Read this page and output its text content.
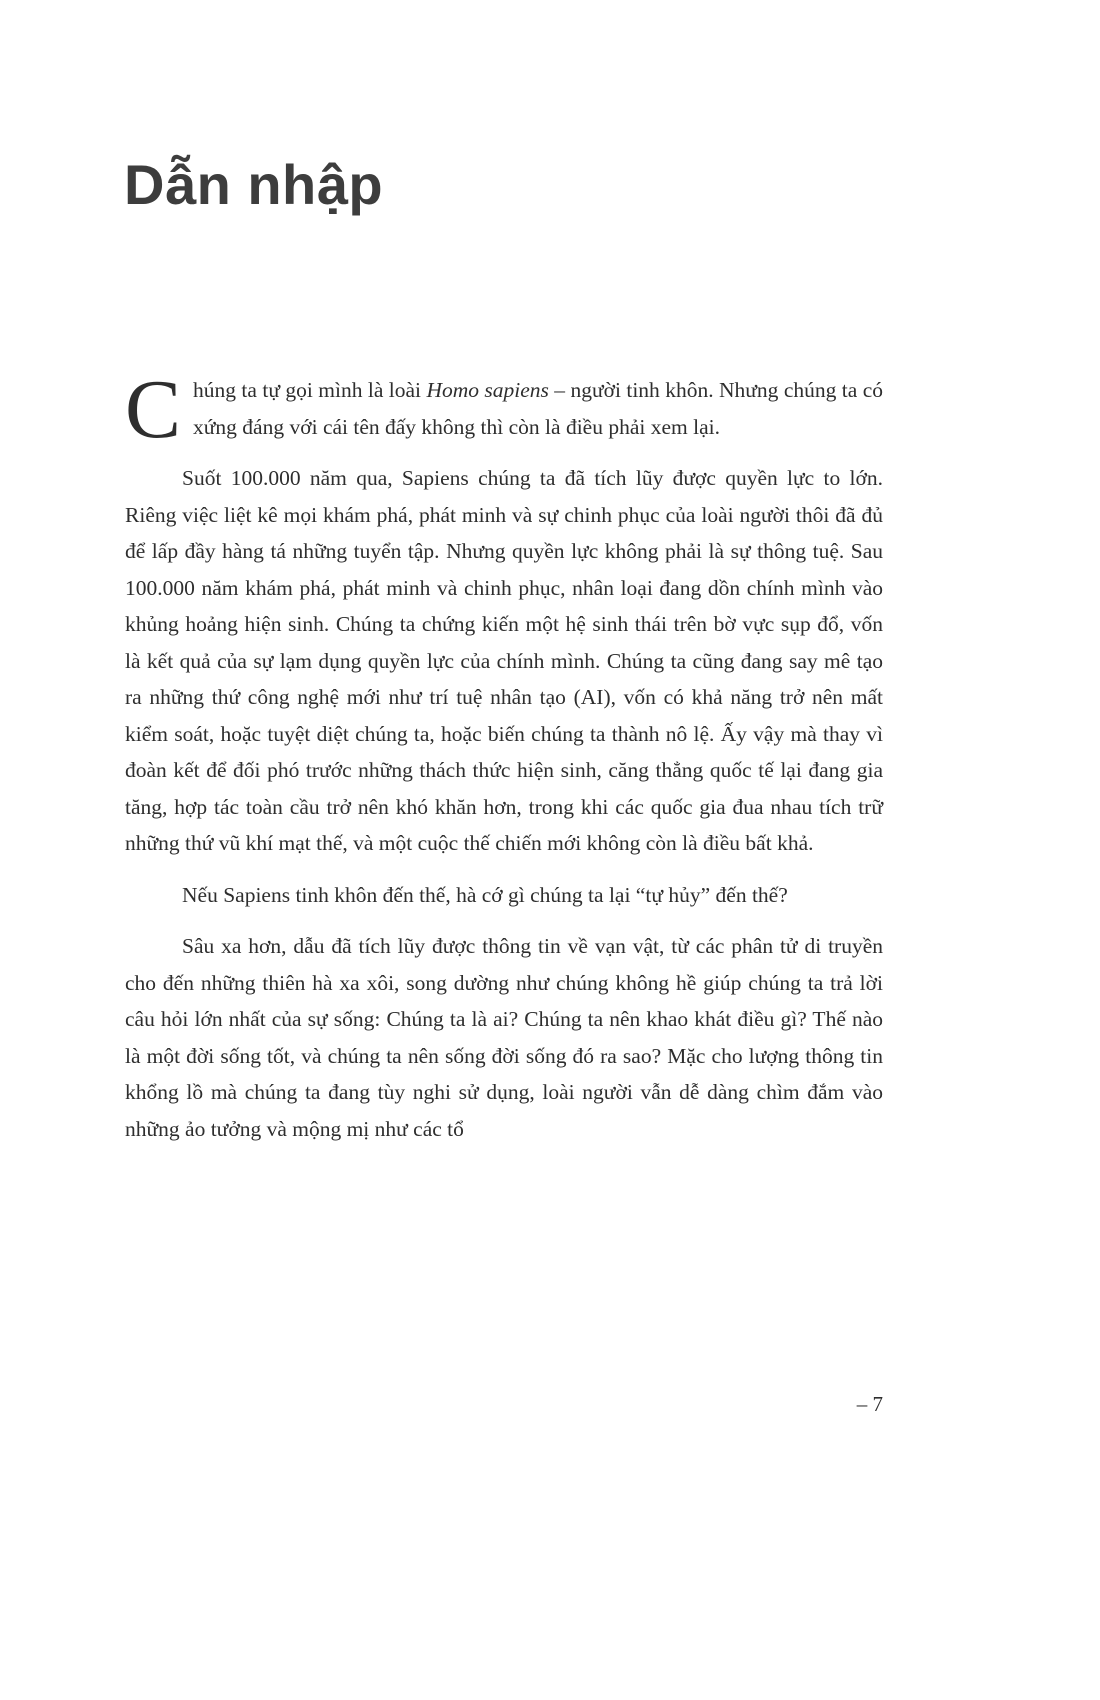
Dẫn nhập

Chúng ta tự gọi mình là loài Homo sapiens – người tinh khôn. Nhưng chúng ta có xứng đáng với cái tên đấy không thì còn là điều phải xem lại.

Suốt 100.000 năm qua, Sapiens chúng ta đã tích lũy được quyền lực to lớn. Riêng việc liệt kê mọi khám phá, phát minh và sự chinh phục của loài người thôi đã đủ để lấp đầy hàng tá những tuyển tập. Nhưng quyền lực không phải là sự thông tuệ. Sau 100.000 năm khám phá, phát minh và chinh phục, nhân loại đang dồn chính mình vào khủng hoảng hiện sinh. Chúng ta chứng kiến một hệ sinh thái trên bờ vực sụp đổ, vốn là kết quả của sự lạm dụng quyền lực của chính mình. Chúng ta cũng đang say mê tạo ra những thứ công nghệ mới như trí tuệ nhân tạo (AI), vốn có khả năng trở nên mất kiểm soát, hoặc tuyệt diệt chúng ta, hoặc biến chúng ta thành nô lệ. Ấy vậy mà thay vì đoàn kết để đối phó trước những thách thức hiện sinh, căng thẳng quốc tế lại đang gia tăng, hợp tác toàn cầu trở nên khó khăn hơn, trong khi các quốc gia đua nhau tích trữ những thứ vũ khí mạt thế, và một cuộc thế chiến mới không còn là điều bất khả.

Nếu Sapiens tinh khôn đến thế, hà cớ gì chúng ta lại “tự hủy” đến thế?

Sâu xa hơn, dẫu đã tích lũy được thông tin về vạn vật, từ các phân tử di truyền cho đến những thiên hà xa xôi, song dường như chúng không hề giúp chúng ta trả lời câu hỏi lớn nhất của sự sống: Chúng ta là ai? Chúng ta nên khao khát điều gì? Thế nào là một đời sống tốt, và chúng ta nên sống đời sống đó ra sao? Mặc cho lượng thông tin khổng lồ mà chúng ta đang tùy nghi sử dụng, loài người vẫn dễ dàng chìm đắm vào những ảo tưởng và mộng mị như các tổ

– 7
